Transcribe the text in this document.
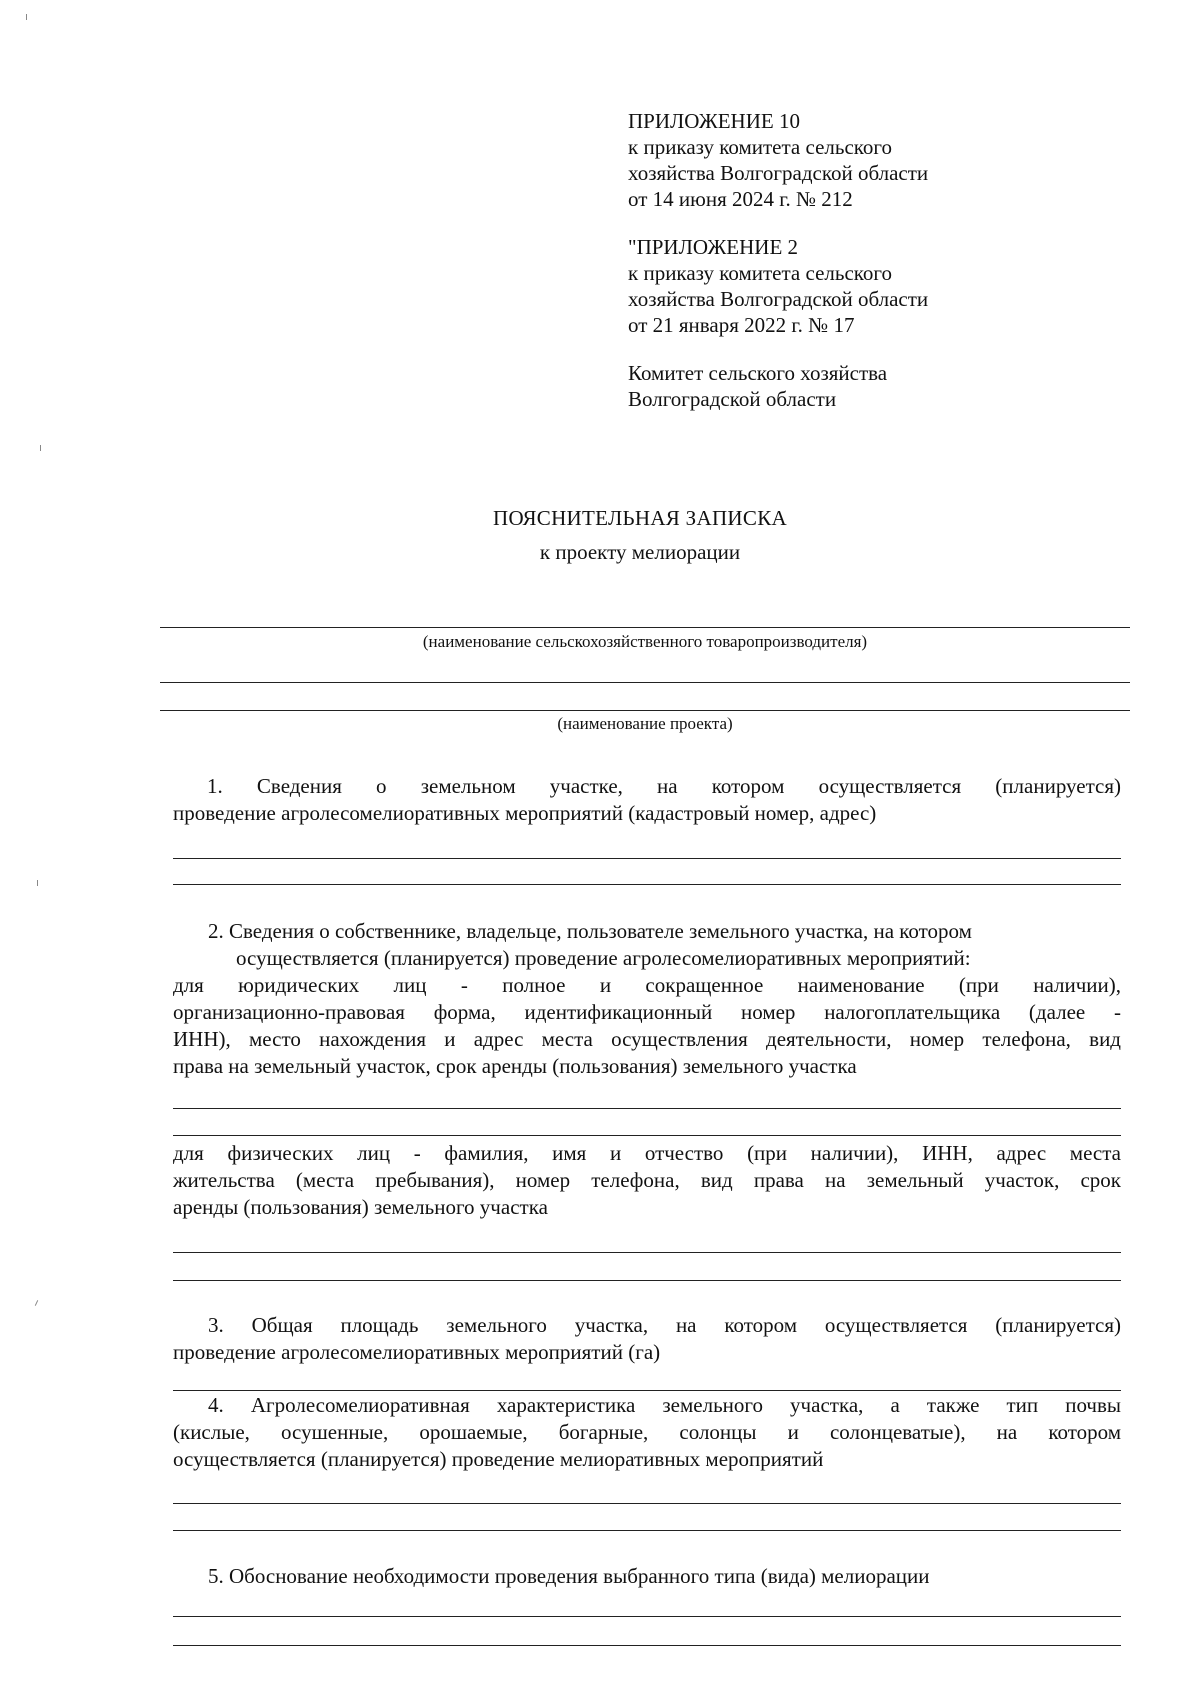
ПРИЛОЖЕНИЕ 10
к приказу комитета сельского
хозяйства Волгоградской области
от 14 июня 2024 г. № 212
"ПРИЛОЖЕНИЕ 2
к приказу комитета сельского
хозяйства Волгоградской области
от 21 января 2022 г. № 17
Комитет сельского хозяйства
Волгоградской области
ПОЯСНИТЕЛЬНАЯ ЗАПИСКА
к проекту мелиорации
(наименование сельскохозяйственного товаропроизводителя)
(наименование проекта)
1. Сведения о земельном участке, на котором осуществляется (планируется)
проведение агролесомелиоративных мероприятий (кадастровый номер, адрес)
2. Сведения о собственнике, владельце, пользователе земельного участка, на котором
осуществляется (планируется) проведение агролесомелиоративных мероприятий:
для юридических лиц - полное и сокращенное наименование (при наличии),
организационно-правовая форма, идентификационный номер налогоплательщика (далее -
ИНН), место нахождения и адрес места осуществления деятельности, номер телефона, вид
права на земельный участок, срок аренды (пользования) земельного участка
для физических лиц - фамилия, имя и отчество (при наличии), ИНН, адрес места
жительства (места пребывания), номер телефона, вид права на земельный участок, срок
аренды (пользования) земельного участка
3. Общая площадь земельного участка, на котором осуществляется (планируется)
проведение агролесомелиоративных мероприятий (га)
4. Агролесомелиоративная характеристика земельного участка, а также тип почвы
(кислые, осушенные, орошаемые, богарные, солонцы и солонцеватые), на котором
осуществляется (планируется) проведение мелиоративных мероприятий
5. Обоснование необходимости проведения выбранного типа (вида) мелиорации
